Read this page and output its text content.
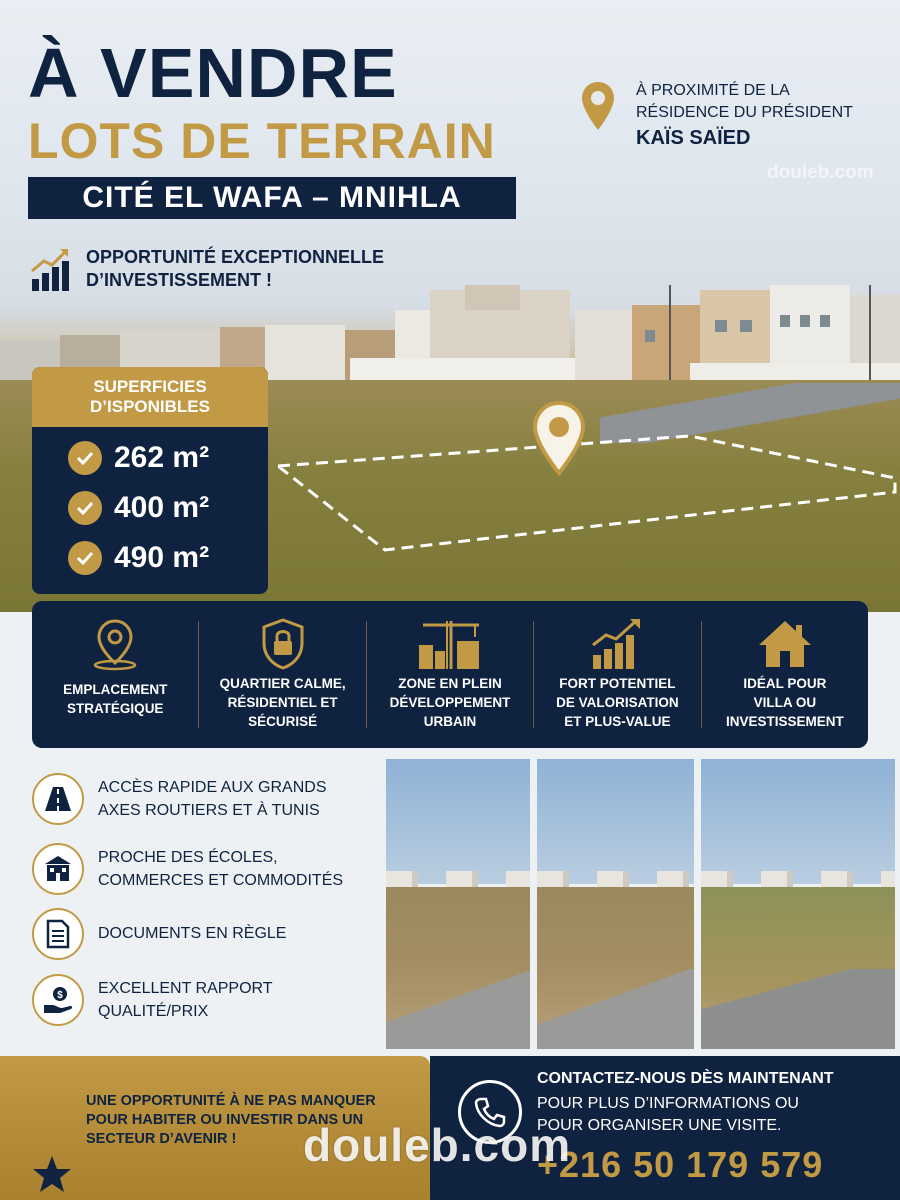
À VENDRE
LOTS DE TERRAIN
CITÉ EL WAFA – MNIHLA
OPPORTUNITÉ EXCEPTIONNELLE
D’INVESTISSEMENT !
À PROXIMITÉ DE LA
RÉSIDENCE DU PRÉSIDENT
KAÏS SAÏED
douleb.com
SUPERFICIES
D’ISPONIBLES
262 m²
400 m²
490 m²
EMPLACEMENT
STRATÉGIQUE
QUARTIER CALME,
RÉSIDENTIEL ET
SÉCURISÉ
ZONE EN PLEIN
DÉVELOPPEMENT
URBAIN
FORT POTENTIEL
DE VALORISATION
ET PLUS-VALUE
IDÉAL POUR
VILLA OU
INVESTISSEMENT
ACCÈS RAPIDE AUX GRANDS
AXES ROUTIERS ET À TUNIS
PROCHE DES ÉCOLES,
COMMERCES ET COMMODITÉS
DOCUMENTS EN RÈGLE
$ EXCELLENT RAPPORT
QUALITÉ/PRIX
UNE OPPORTUNITÉ À NE PAS MANQUER
POUR HABITER OU INVESTIR DANS UN
SECTEUR D’AVENIR !
CONTACTEZ-NOUS DÈS MAINTENANT
POUR PLUS D’INFORMATIONS OU
POUR ORGANISER UNE VISITE.
+216 50 179 579
douleb.com
